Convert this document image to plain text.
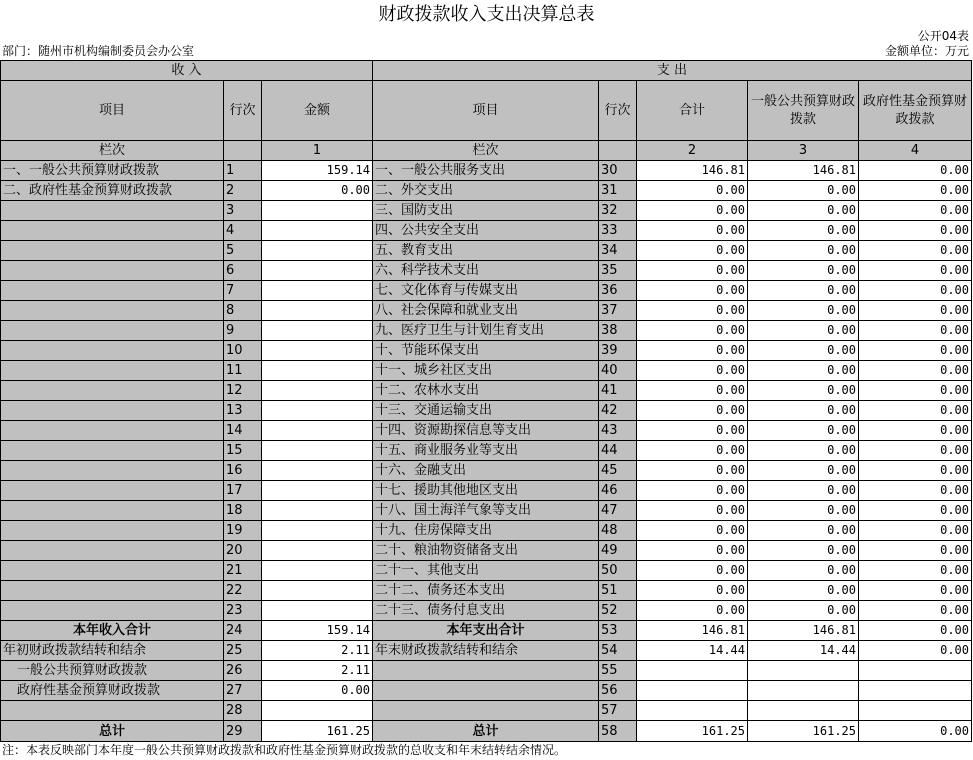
财政拨款收入支出决算总表
公开04表
部门：随州市机构编制委员会办公室	金额单位：万元
收 入			支 出				
项目	行次	金额	项目	行次	合计	一般公共预算财政拨款	政府性基金预算财政拨款
栏次		1	栏次		2	3	4
一、一般公共预算财政拨款	1	159.14	一、一般公共服务支出	30	146.81	146.81	0.00
二、政府性基金预算财政拨款	2	0.00	二、外交支出	31	0.00	0.00	0.00
	3		三、国防支出	32	0.00	0.00	0.00
	4		四、公共安全支出	33	0.00	0.00	0.00
	5		五、教育支出	34	0.00	0.00	0.00
	6		六、科学技术支出	35	0.00	0.00	0.00
	7		七、文化体育与传媒支出	36	0.00	0.00	0.00
	8		八、社会保障和就业支出	37	0.00	0.00	0.00
	9		九、医疗卫生与计划生育支出	38	0.00	0.00	0.00
	10		十、节能环保支出	39	0.00	0.00	0.00
	11		十一、城乡社区支出	40	0.00	0.00	0.00
	12		十二、农林水支出	41	0.00	0.00	0.00
	13		十三、交通运输支出	42	0.00	0.00	0.00
	14		十四、资源勘探信息等支出	43	0.00	0.00	0.00
	15		十五、商业服务业等支出	44	0.00	0.00	0.00
	16		十六、金融支出	45	0.00	0.00	0.00
	17		十七、援助其他地区支出	46	0.00	0.00	0.00
	18		十八、国土海洋气象等支出	47	0.00	0.00	0.00
	19		十九、住房保障支出	48	0.00	0.00	0.00
	20		二十、粮油物资储备支出	49	0.00	0.00	0.00
	21		二十一、其他支出	50	0.00	0.00	0.00
	22		二十二、债务还本支出	51	0.00	0.00	0.00
	23		二十三、债务付息支出	52	0.00	0.00	0.00
本年收入合计	24	159.14	本年支出合计	53	146.81	146.81	0.00
年初财政拨款结转和结余	25	2.11	年末财政拨款结转和结余	54	14.44	14.44	0.00
一般公共预算财政拨款	26	2.11		55			
政府性基金预算财政拨款	27	0.00		56			
	28			57			
总计	29	161.25	总计	58	161.25	161.25	0.00
注：本表反映部门本年度一般公共预算财政拨款和政府性基金预算财政拨款的总收支和年末结转结余情况。
